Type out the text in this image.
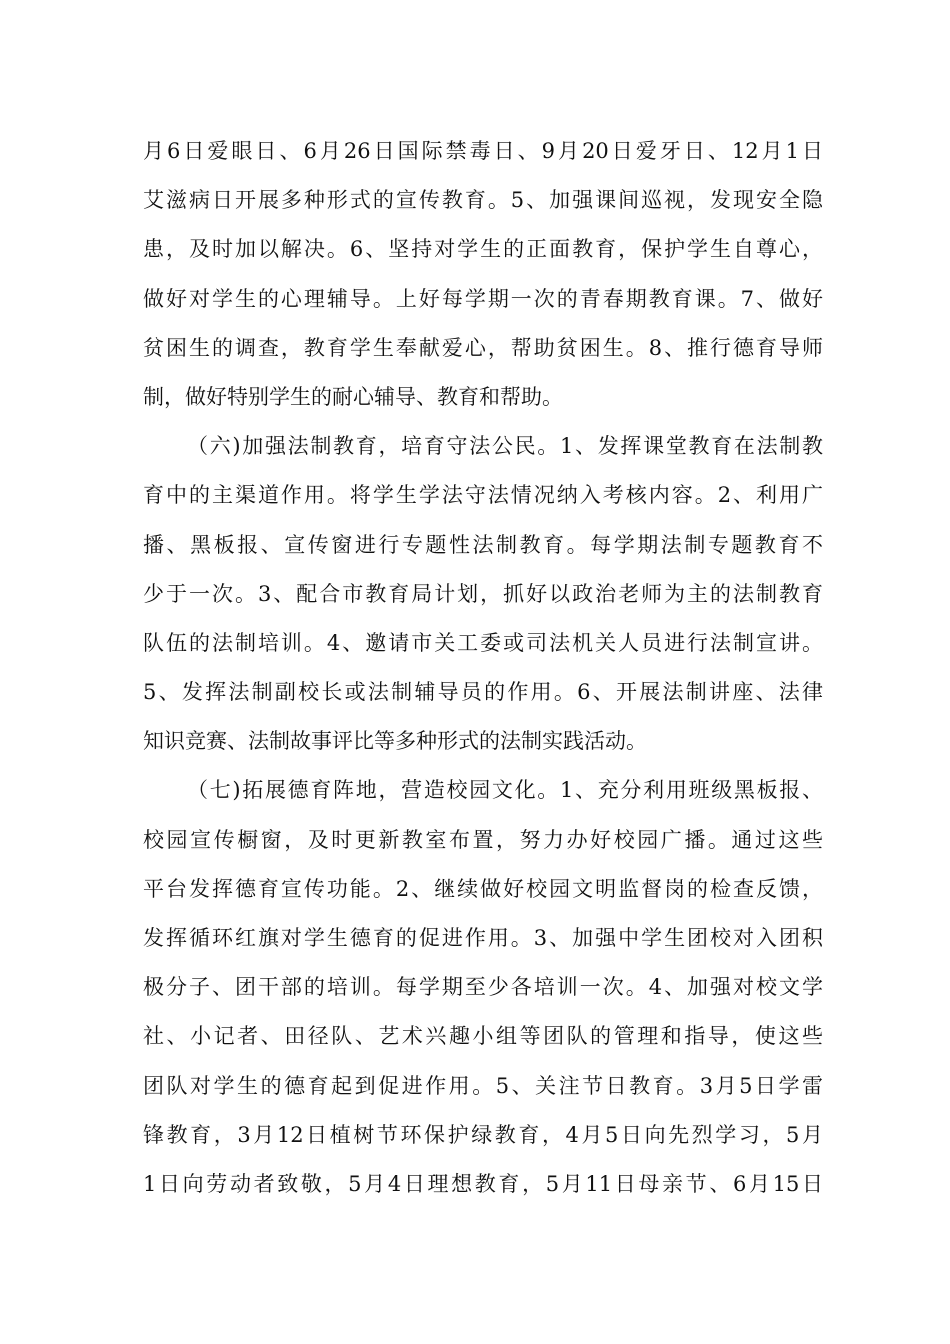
月6日爱眼日、6月26日国际禁毒日、9月20日爱牙日、12月1日
艾滋病日开展多种形式的宣传教育。5、加强课间巡视，发现安全隐
患，及时加以解决。6、坚持对学生的正面教育，保护学生自尊心，
做好对学生的心理辅导。上好每学期一次的青春期教育课。7、做好
贫困生的调查，教育学生奉献爱心，帮助贫困生。8、推行德育导师
制，做好特别学生的耐心辅导、教育和帮助。
（六)加强法制教育，培育守法公民。1、发挥课堂教育在法制教
育中的主渠道作用。将学生学法守法情况纳入考核内容。2、利用广
播、黑板报、宣传窗进行专题性法制教育。每学期法制专题教育不
少于一次。3、配合市教育局计划，抓好以政治老师为主的法制教育
队伍的法制培训。4、邀请市关工委或司法机关人员进行法制宣讲。
5、发挥法制副校长或法制辅导员的作用。6、开展法制讲座、法律
知识竞赛、法制故事评比等多种形式的法制实践活动。
（七)拓展德育阵地，营造校园文化。1、充分利用班级黑板报、
校园宣传橱窗，及时更新教室布置，努力办好校园广播。通过这些
平台发挥德育宣传功能。2、继续做好校园文明监督岗的检查反馈，
发挥循环红旗对学生德育的促进作用。3、加强中学生团校对入团积
极分子、团干部的培训。每学期至少各培训一次。4、加强对校文学
社、小记者、田径队、艺术兴趣小组等团队的管理和指导，使这些
团队对学生的德育起到促进作用。5、关注节日教育。3月5日学雷
锋教育，3月12日植树节环保护绿教育，4月5日向先烈学习，5月
1日向劳动者致敬，5月4日理想教育，5月11日母亲节、6月15日
